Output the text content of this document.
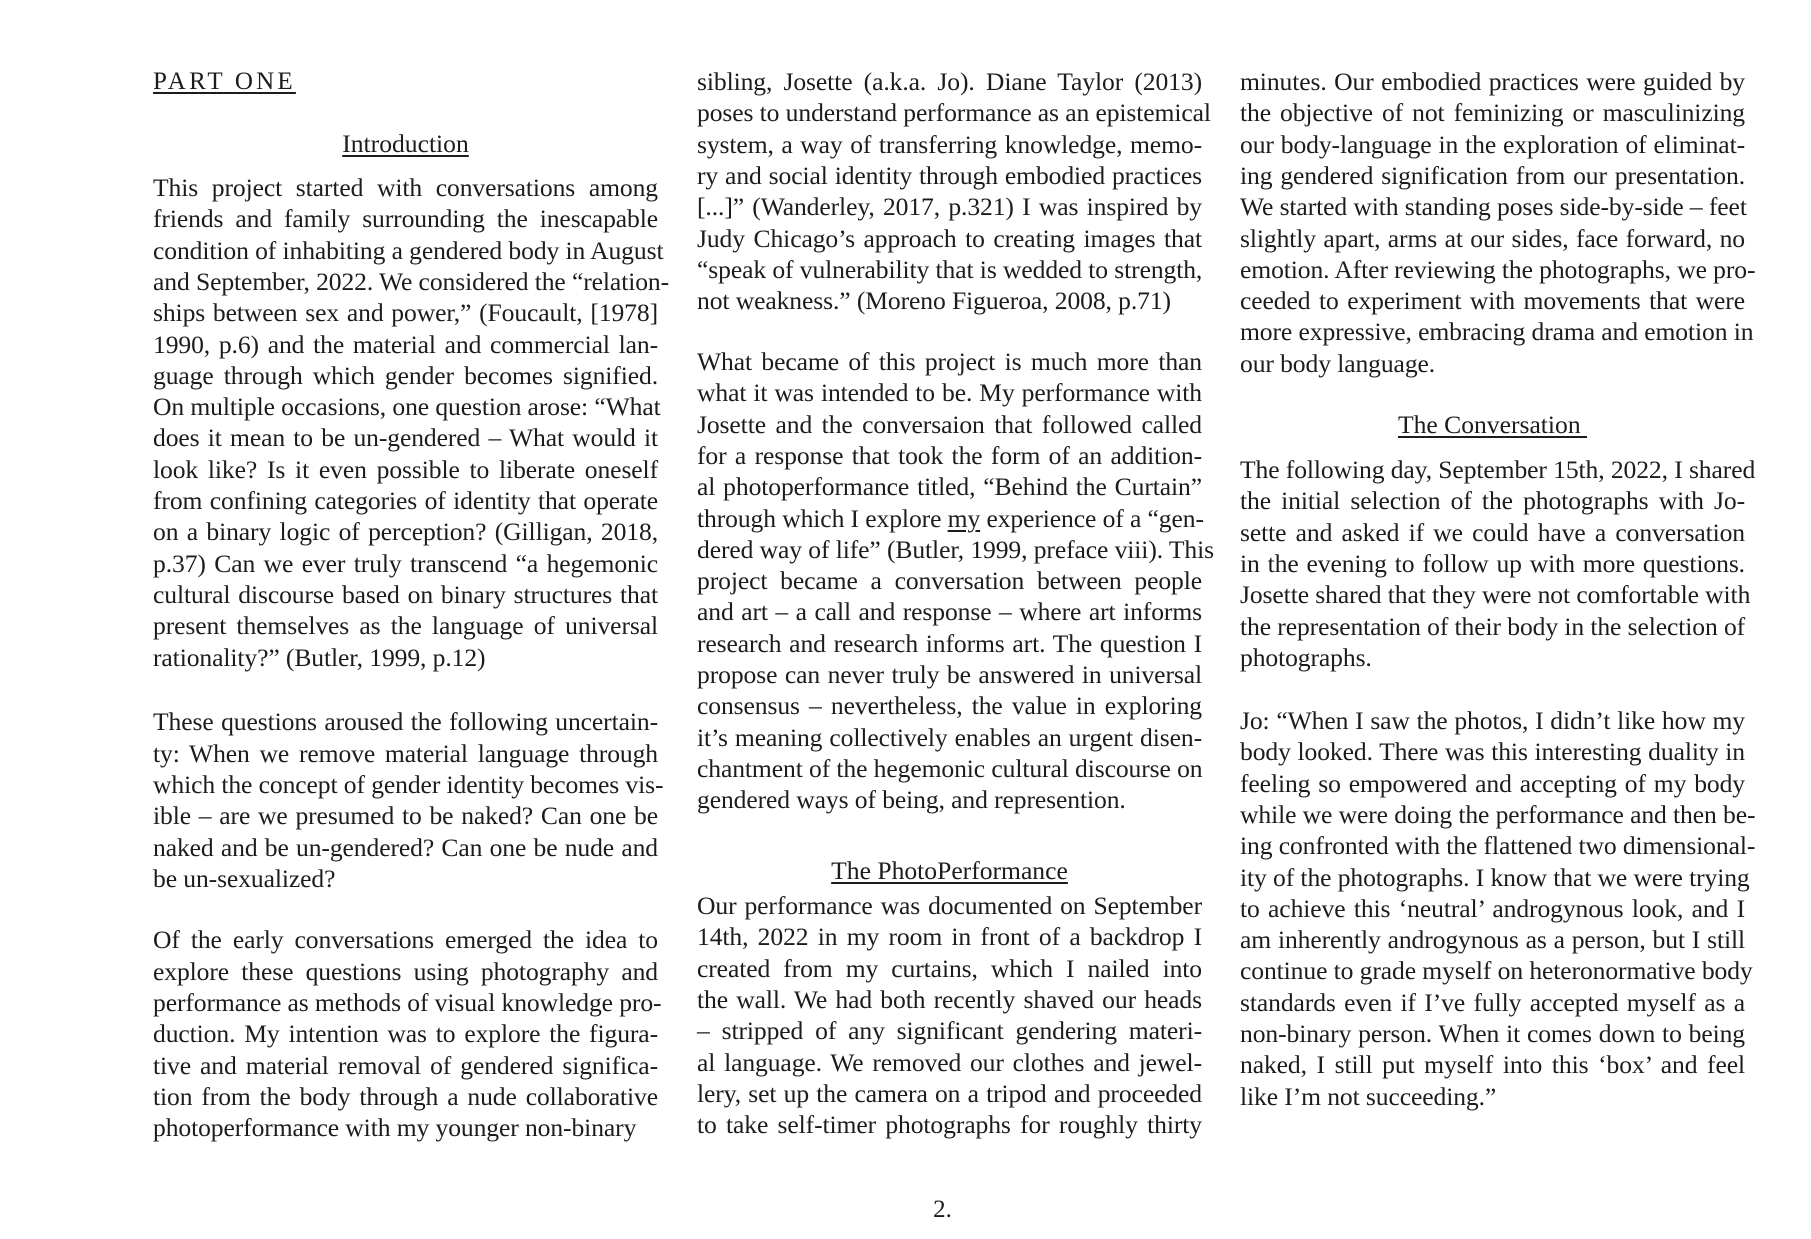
PART ONE
Introduction
This project started with conversations among
friends and family surrounding the inescapable
condition of inhabiting a gendered body in August
and September, 2022. We considered the “relation-
ships between sex and power,” (Foucault, [1978]
1990, p.6) and the material and commercial lan-
guage through which gender becomes signified.
On multiple occasions, one question arose: “What
does it mean to be un-gendered – What would it
look like? Is it even possible to liberate oneself
from confining categories of identity that operate
on a binary logic of perception? (Gilligan, 2018,
p.37) Can we ever truly transcend “a hegemonic
cultural discourse based on binary structures that
present themselves as the language of universal
rationality?” (Butler, 1999, p.12)
These questions aroused the following uncertain-
ty: When we remove material language through
which the concept of gender identity becomes vis-
ible – are we presumed to be naked? Can one be
naked and be un-gendered? Can one be nude and
be un-sexualized?
Of the early conversations emerged the idea to
explore these questions using photography and
performance as methods of visual knowledge pro-
duction. My intention was to explore the figura-
tive and material removal of gendered significa-
tion from the body through a nude collaborative
photoperformance with my younger non-binary
sibling, Josette (a.k.a. Jo). Diane Taylor (2013)
poses to understand performance as an epistemical
system, a way of transferring knowledge, memo-
ry and social identity through embodied practices
[...]” (Wanderley, 2017, p.321) I was inspired by
Judy Chicago’s approach to creating images that
“speak of vulnerability that is wedded to strength,
not weakness.” (Moreno Figueroa, 2008, p.71)
What became of this project is much more than
what it was intended to be. My performance with
Josette and the conversaion that followed called
for a response that took the form of an addition-
al photoperformance titled, “Behind the Curtain”
through which I explore my experience of a “gen-
dered way of life” (Butler, 1999, preface viii). This
project became a conversation between people
and art – a call and response – where art informs
research and research informs art. The question I
propose can never truly be answered in universal
consensus – nevertheless, the value in exploring
it’s meaning collectively enables an urgent disen-
chantment of the hegemonic cultural discourse on
gendered ways of being, and represention.
The PhotoPerformance
Our performance was documented on September
14th, 2022 in my room in front of a backdrop I
created from my curtains, which I nailed into
the wall. We had both recently shaved our heads
– stripped of any significant gendering materi-
al language. We removed our clothes and jewel-
lery, set up the camera on a tripod and proceeded
to take self-timer photographs for roughly thirty
minutes. Our embodied practices were guided by
the objective of not feminizing or masculinizing
our body-language in the exploration of eliminat-
ing gendered signification from our presentation.
We started with standing poses side-by-side – feet
slightly apart, arms at our sides, face forward, no
emotion. After reviewing the photographs, we pro-
ceeded to experiment with movements that were
more expressive, embracing drama and emotion in
our body language.
The Conversation
The following day, September 15th, 2022, I shared
the initial selection of the photographs with Jo-
sette and asked if we could have a conversation
in the evening to follow up with more questions.
Josette shared that they were not comfortable with
the representation of their body in the selection of
photographs.
Jo: “When I saw the photos, I didn’t like how my
body looked. There was this interesting duality in
feeling so empowered and accepting of my body
while we were doing the performance and then be-
ing confronted with the flattened two dimensional-
ity of the photographs. I know that we were trying
to achieve this ‘neutral’ androgynous look, and I
am inherently androgynous as a person, but I still
continue to grade myself on heteronormative body
standards even if I’ve fully accepted myself as a
non-binary person. When it comes down to being
naked, I still put myself into this ‘box’ and feel
like I’m not succeeding.”
2.
